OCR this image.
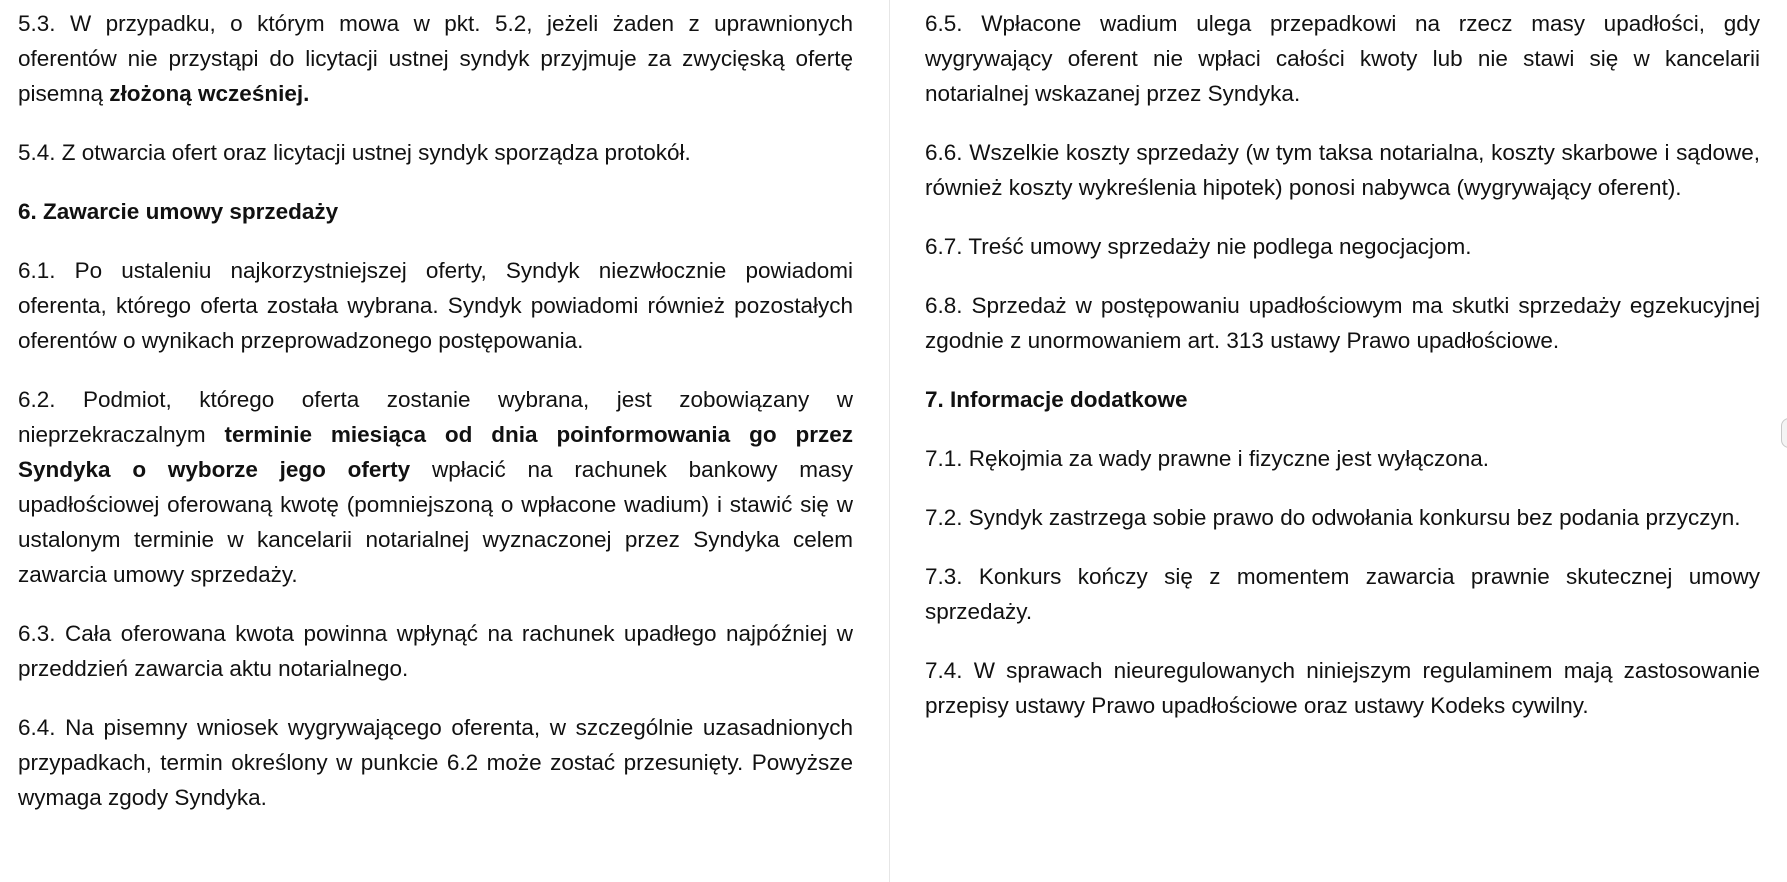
5.3. W przypadku, o którym mowa w pkt. 5.2, jeżeli żaden z uprawnionych oferentów nie przystąpi do licytacji ustnej syndyk przyjmuje za zwycięską ofertę pisemną złożoną wcześniej.

5.4. Z otwarcia ofert oraz licytacji ustnej syndyk sporządza protokół.

6. Zawarcie umowy sprzedaży

6.1. Po ustaleniu najkorzystniejszej oferty, Syndyk niezwłocznie powiadomi oferenta, którego oferta została wybrana. Syndyk powiadomi również pozostałych oferentów o wynikach przeprowadzonego postępowania.

6.2. Podmiot, którego oferta zostanie wybrana, jest zobowiązany w nieprzekraczalnym terminie miesiąca od dnia poinformowania go przez Syndyka o wyborze jego oferty wpłacić na rachunek bankowy masy upadłościowej oferowaną kwotę (pomniejszoną o wpłacone wadium) i stawić się w ustalonym terminie w kancelarii notarialnej wyznaczonej przez Syndyka celem zawarcia umowy sprzedaży.

6.3. Cała oferowana kwota powinna wpłynąć na rachunek upadłego najpóźniej w przeddzień zawarcia aktu notarialnego.

6.4. Na pisemny wniosek wygrywającego oferenta, w szczególnie uzasadnionych przypadkach, termin określony w punkcie 6.2 może zostać przesunięty. Powyższe wymaga zgody Syndyka.

6.5. Wpłacone wadium ulega przepadkowi na rzecz masy upadłości, gdy wygrywający oferent nie wpłaci całości kwoty lub nie stawi się w kancelarii notarialnej wskazanej przez Syndyka.

6.6. Wszelkie koszty sprzedaży (w tym taksa notarialna, koszty skarbowe i sądowe, również koszty wykreślenia hipotek) ponosi nabywca (wygrywający oferent).

6.7. Treść umowy sprzedaży nie podlega negocjacjom.

6.8. Sprzedaż w postępowaniu upadłościowym ma skutki sprzedaży egzekucyjnej zgodnie z unormowaniem art. 313 ustawy Prawo upadłościowe.

7. Informacje dodatkowe

7.1. Rękojmia za wady prawne i fizyczne jest wyłączona.

7.2. Syndyk zastrzega sobie prawo do odwołania konkursu bez podania przyczyn.

7.3. Konkurs kończy się z momentem zawarcia prawnie skutecznej umowy sprzedaży.

7.4. W sprawach nieuregulowanych niniejszym regulaminem mają zastosowanie przepisy ustawy Prawo upadłościowe oraz ustawy Kodeks cywilny.
